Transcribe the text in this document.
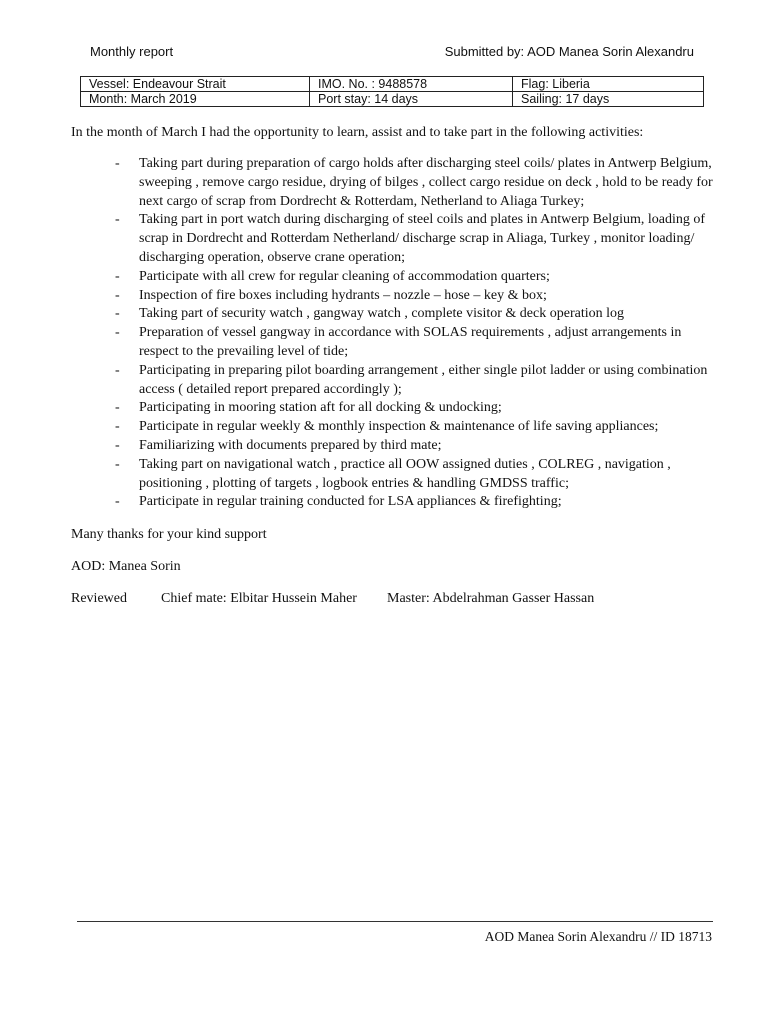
Monthly report	Submitted by: AOD Manea Sorin Alexandru
Vessel: Endeavour Strait	IMO. No. : 9488578	Flag: Liberia
Month: March 2019	Port stay: 14 days	Sailing: 17 days
In the month of March I had the opportunity to learn, assist and to take part in the following activities:
- Taking part during preparation of cargo holds after discharging steel coils/ plates in Antwerp Belgium, sweeping , remove cargo residue, drying of bilges , collect cargo residue on deck , hold to be ready for next cargo of scrap from Dordrecht & Rotterdam, Netherland to Aliaga Turkey;
- Taking part in port watch during discharging of steel coils and plates in Antwerp Belgium, loading of scrap in Dordrecht and Rotterdam Netherland/ discharge scrap in Aliaga, Turkey , monitor loading/ discharging operation, observe crane operation;
- Participate with all crew for regular cleaning of accommodation quarters;
- Inspection of fire boxes including hydrants – nozzle – hose – key & box;
- Taking part of security watch , gangway watch , complete visitor & deck operation log
- Preparation of vessel gangway in accordance with SOLAS requirements , adjust arrangements in respect to the prevailing level of tide;
- Participating in preparing pilot boarding arrangement , either single pilot ladder or using combination access ( detailed report prepared accordingly );
- Participating in mooring station aft for all docking & undocking;
- Participate in regular weekly & monthly inspection & maintenance of life saving appliances;
- Familiarizing with documents prepared by third mate;
- Taking part on navigational watch , practice all OOW assigned duties , COLREG , navigation , positioning , plotting of targets , logbook entries & handling GMDSS traffic;
- Participate in regular training conducted for LSA appliances & firefighting;
Many thanks for your kind support
AOD: Manea Sorin
Reviewed Chief mate: Elbitar Hussein Maher Master: Abdelrahman Gasser Hassan
AOD Manea Sorin Alexandru // ID 18713
